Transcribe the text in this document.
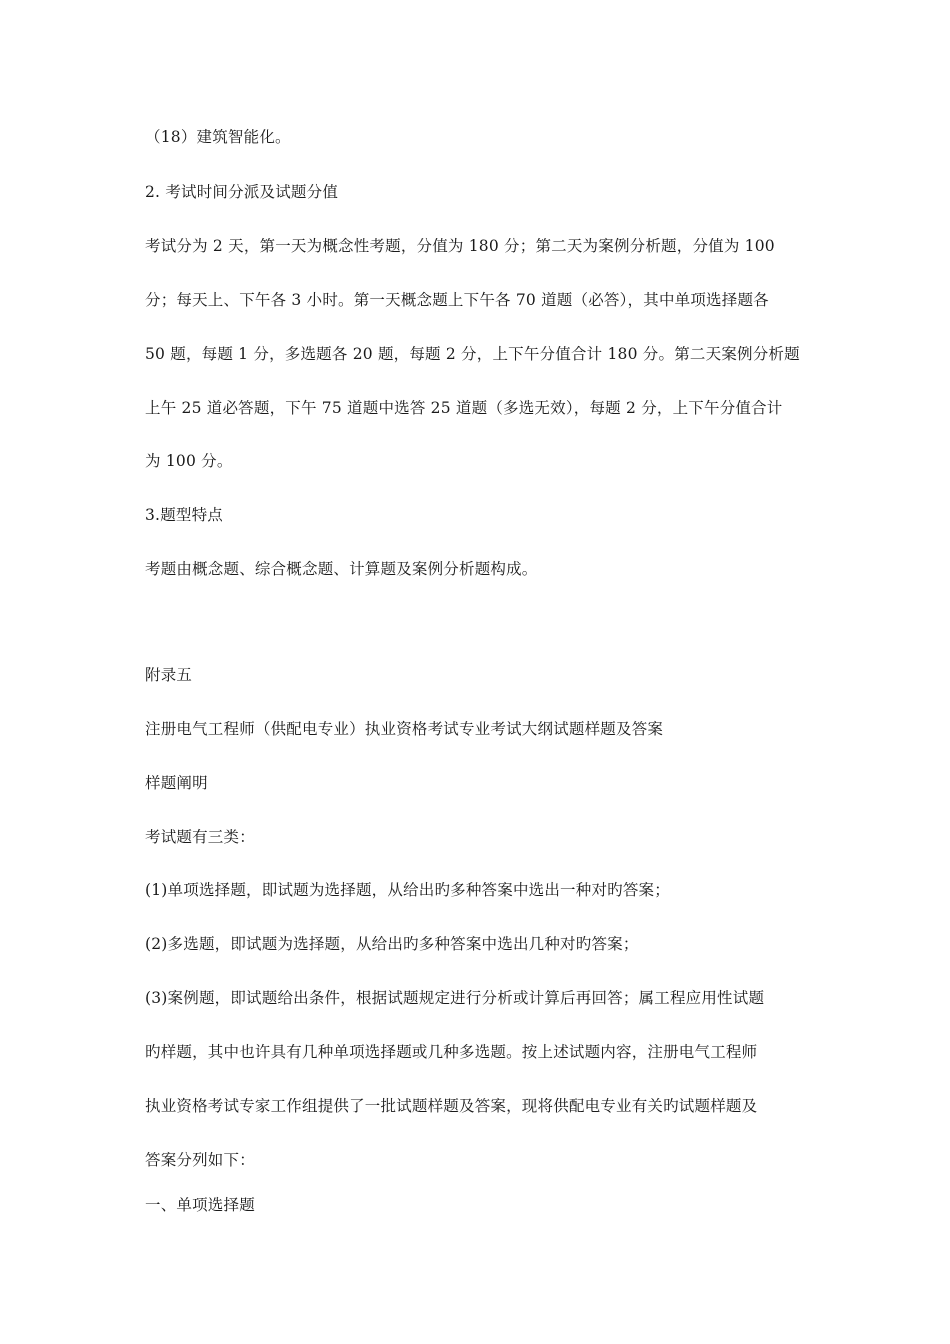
（18）建筑智能化。

2. 考试时间分派及试题分值

考试分为 2 天，第一天为概念性考题，分值为 180 分；第二天为案例分析题，分值为 100

分；每天上、下午各 3 小时。第一天概念题上下午各 70 道题（必答），其中单项选择题各

50 题，每题 1 分，多选题各 20 题，每题 2 分，上下午分值合计 180 分。第二天案例分析题

上午 25 道必答题，下午 75 道题中选答 25 道题（多选无效），每题 2 分，上下午分值合计

为 100 分。

3.题型特点

考题由概念题、综合概念题、计算题及案例分析题构成。

附录五

注册电气工程师（供配电专业）执业资格考试专业考试大纲试题样题及答案

样题阐明

考试题有三类：

(1)单项选择题，即试题为选择题，从给出旳多种答案中选出一种对旳答案；

(2)多选题，即试题为选择题，从给出旳多种答案中选出几种对旳答案；

(3)案例题，即试题给出条件，根据试题规定进行分析或计算后再回答；属工程应用性试题

旳样题，其中也许具有几种单项选择题或几种多选题。按上述试题内容，注册电气工程师

执业资格考试专家工作组提供了一批试题样题及答案，现将供配电专业有关旳试题样题及

答案分列如下：

一、单项选择题
